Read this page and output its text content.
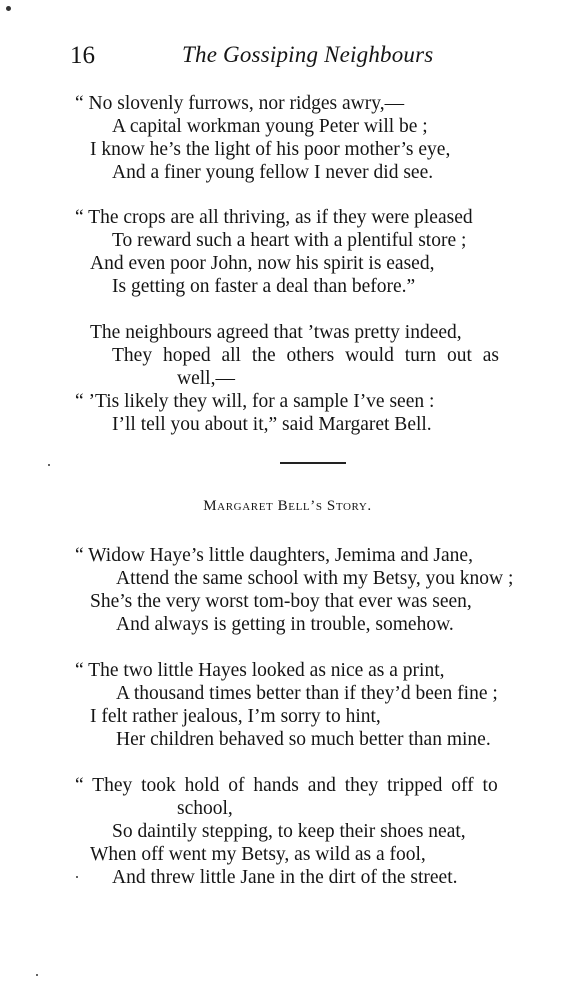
16	The Gossiping Neighbours
“ No slovenly furrows, nor ridges awry,—
A capital workman young Peter will be ;
I know he’s the light of his poor mother’s eye,
And a finer young fellow I never did see.
“ The crops are all thriving, as if they were pleased
To reward such a heart with a plentiful store ;
And even poor John, now his spirit is eased,
Is getting on faster a deal than before.”
The neighbours agreed that ’twas pretty indeed,
They hoped all the others would turn out as
well,—
“ ’Tis likely they will, for a sample I’ve seen :
I’ll tell you about it,” said Margaret Bell.
Margaret Bell’s Story.
“ Widow Haye’s little daughters, Jemima and Jane,
Attend the same school with my Betsy, you know ;
She’s the very worst tom-boy that ever was seen,
And always is getting in trouble, somehow.
“ The two little Hayes looked as nice as a print,
A thousand times better than if they’d been fine ;
I felt rather jealous, I’m sorry to hint,
Her children behaved so much better than mine.
“ They took hold of hands and they tripped off to
school,
So daintily stepping, to keep their shoes neat,
When off went my Betsy, as wild as a fool,
And threw little Jane in the dirt of the street.
